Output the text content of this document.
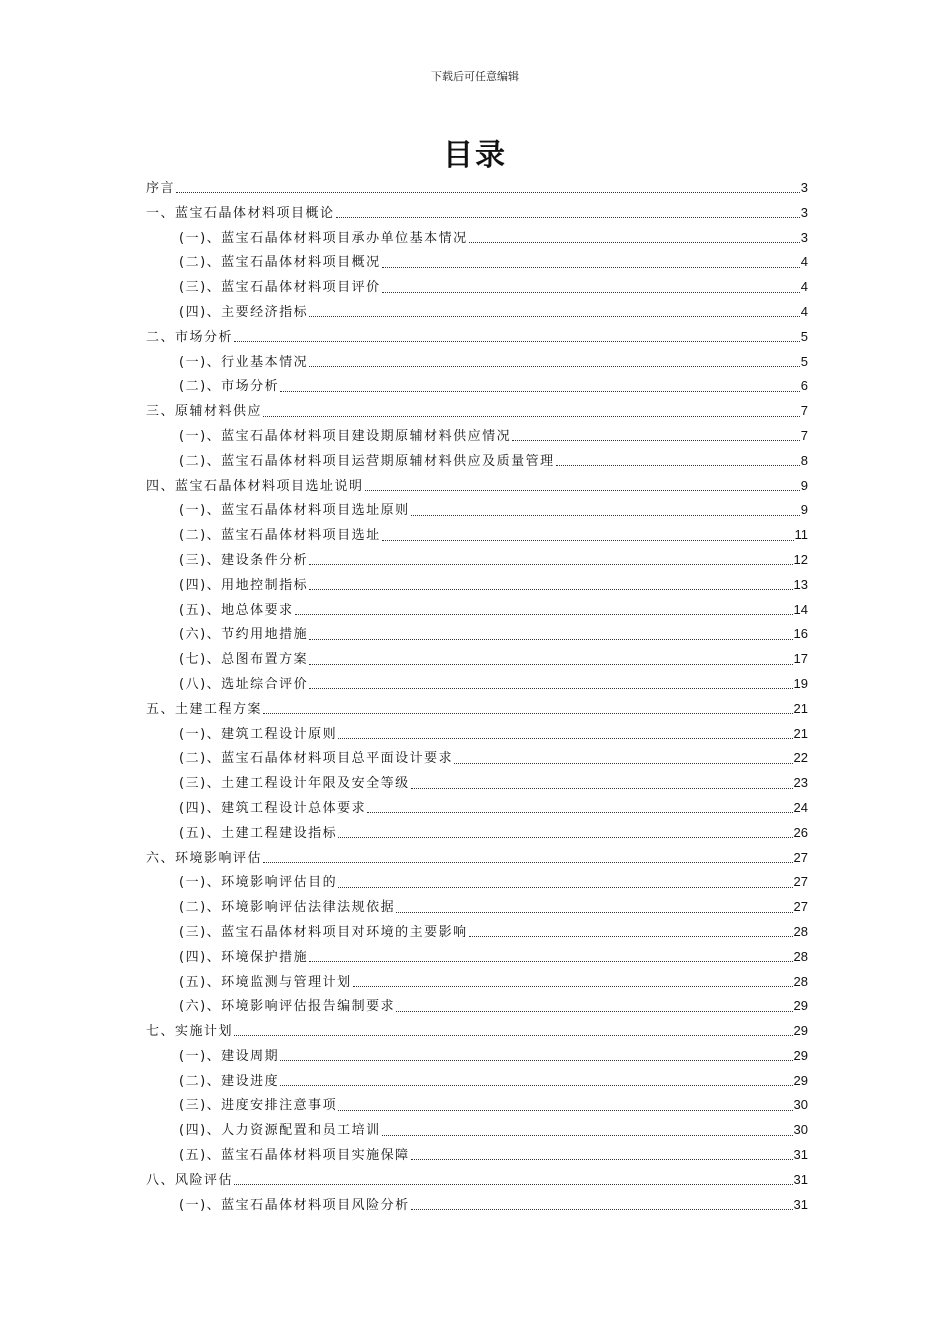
下载后可任意编辑
目录
序言	3
一、蓝宝石晶体材料项目概论	3
(一)、蓝宝石晶体材料项目承办单位基本情况	3
(二)、蓝宝石晶体材料项目概况	4
(三)、蓝宝石晶体材料项目评价	4
(四)、主要经济指标	4
二、市场分析	5
(一)、行业基本情况	5
(二)、市场分析	6
三、原辅材料供应	7
(一)、蓝宝石晶体材料项目建设期原辅材料供应情况	7
(二)、蓝宝石晶体材料项目运营期原辅材料供应及质量管理	8
四、蓝宝石晶体材料项目选址说明	9
(一)、蓝宝石晶体材料项目选址原则	9
(二)、蓝宝石晶体材料项目选址	11
(三)、建设条件分析	12
(四)、用地控制指标	13
(五)、地总体要求	14
(六)、节约用地措施	16
(七)、总图布置方案	17
(八)、选址综合评价	19
五、土建工程方案	21
(一)、建筑工程设计原则	21
(二)、蓝宝石晶体材料项目总平面设计要求	22
(三)、土建工程设计年限及安全等级	23
(四)、建筑工程设计总体要求	24
(五)、土建工程建设指标	26
六、环境影响评估	27
(一)、环境影响评估目的	27
(二)、环境影响评估法律法规依据	27
(三)、蓝宝石晶体材料项目对环境的主要影响	28
(四)、环境保护措施	28
(五)、环境监测与管理计划	28
(六)、环境影响评估报告编制要求	29
七、实施计划	29
(一)、建设周期	29
(二)、建设进度	29
(三)、进度安排注意事项	30
(四)、人力资源配置和员工培训	30
(五)、蓝宝石晶体材料项目实施保障	31
八、风险评估	31
(一)、蓝宝石晶体材料项目风险分析	31
